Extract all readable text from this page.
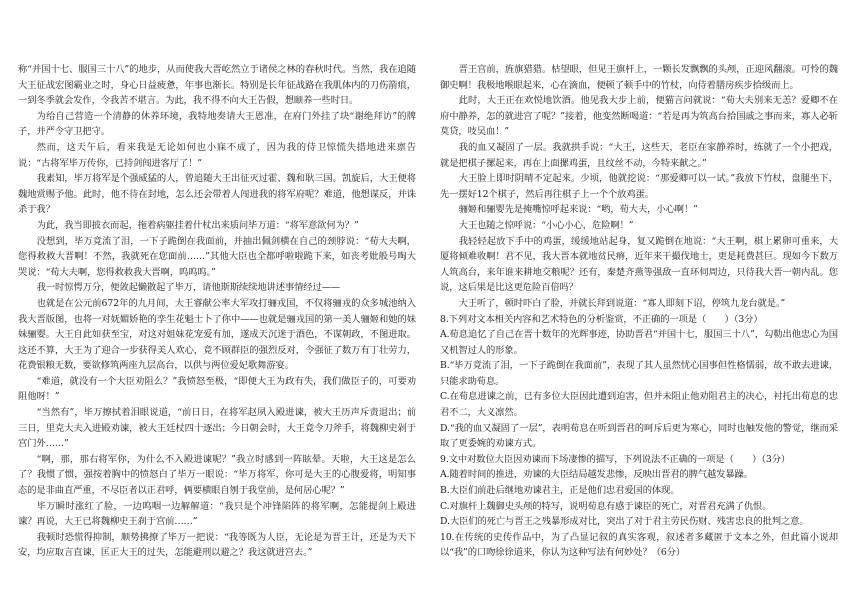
称“并国十七、服国三十八”的地步，从而使我大晋屹然立于诸侯之林的春秋时代。当然，我在追随大王征战宏图霸业之时，身心日益疲惫，年事也渐长。特别是长年征战路在我肌体内的刀伤箭痕，一到冬季就会发作，令我苦不堪言。为此，我不得不向大王告假，想颐养一些时日。

为给自己营造一个清静的休养环境，我特地奏请大王恩准，在府门外挂了块“谢绝拜访”的牌子，并严令守卫把守。

然而，这天午后，看来我是无论如何也小寐不成了，因为我的侍卫惊慌失措地进来禀告说：“古将军毕万传你，已持剑闯进客厅了！”

我素知，毕万将军是个强威猛的人，曾追随大王出征灭过霍、魏和耿三国。凯旋后，大王便将魏地赏赐予他。此时，他不待在封地，怎么还会带着人闯进我的将军府呢？难道，他想谋反，并诛杀于我？

为此，我当即披衣而起，拖着病躯挂着什杖出来质问毕万道：“将军意欲何为？”

没想到，毕万竟流了泪，一下子跪倒在我面前，并抽出佩剑横在自己的颈脖说：“荀大夫啊，您得救救大晋啊！不然，我就死在您面前……”其他大臣也全都呼啦啦跪下来，如丧考妣般号啕大哭说：“荀大夫啊，您得救救我大晋啊，呜呜呜。”

我一时惊愕万分，便敛起懒散起了毕万，请他斯斯续续地讲述事情经过——

也就是在公元前672年的九月间，大王睿献公率大军攻打骊戎国，不仅将骊戎的众多城池纳入我大晋版图，也将一对妩媚娇艳的孪生花魁士卜了你中——也就是骊戎国的第一美人骊姬和她的妹妹骊婴。大王自此如获至宝，对这对姐妹花宠爱有加，遂成天沉迷于酒色，不谋朝政，不图进取。这还不算，大王为了迎合一步获得美人欢心，竟不顾群臣的强烈反对，令强征了数万有丁壮劳力，花费银粮无数，要欲修筑两座九层高台，以供与两位爱妃歌舞游宴。

“难道，就没有一个大臣劝阻么？”我愤怒至极，“即便大王为政有失，我们做臣子的，可要劝阻他呀！”

“当然有”，毕万擦拭着泪眼说道，“前日日，在将军赵夙入殿进谏，被大王历声斥责退出；前三日，里克大夫入进殿劝谏，被大王廷杖四十逐出；今日朝会时，大王竟令刀斧手，将魏柳史剁于宫门外……”

“啊，那，那右将军你，为什么不入殿进谏呢？”我立时感到一阵眩晕。天啦，大王这是怎么了？我惯了惯，强按着胸中的愤怒白了毕万一眼说：“毕万将军，你可是大王的心腹爱将，明知事态的是非曲直严重，不尽臣者以正君呼，俩要横眼自刎于我堂前，是何居心呢？”

毕万瞬时涨红了脸，一边呜咽一边解解道：“我只是个冲锋陷阵的将军啊，怎能提剑上殿进谏？再说，大王已将魏柳史王刹于宫前……”

我顿时恐慌得抑制，顺势拂撩了毕万一把说：“我等既为人臣，无论是为晋王计，还是为天下安，均应取言直谏，匡正大王的过失，怎能避刑以避之？我这就进宫去。”

晋王宫前，旌旗猎猎。枯望眼，但见王旗杆上，一颗长发飘飘的头颅，正迎风翻滚。可怜的魏御史啊！我极地喉眼起来，心在滴血，便顿了顿手中的竹杖，向侍着膳房疾步拾级而上。

此时，大王正在欢悦地饮酒。他见我大步上前，便猫言问就说：“荀大夫别来无恙？爱卿不在府中静养，怎的就进宫了呢？”接着，他变然断喝道：“若是再为筑高台拾国戚之事而来，寡人必斩莫贷，吱吴血！”

我的血又凝固了一层。我就拱手说：“大王，这些天，老臣在家静养时，练就了一个小把戏，就是把棋子摞起来，再在上面摞鸡蛋，且纹丝不动，今特来献之。”

大王脸上即时阴晴不定起来。少顷，他就挖说：“那爱卿可以一试。”我放下竹杖，盘腿坐下，先一摆好12个棋子，然后再往棋子上一个个放鸡蛋。

骊姬和骊婴先是掩嘴惊呼起来说：“哟，荀大夫，小心啊！”

大王也随之惊呼说：“小心小心，危险啊！”

我轻轻起放下手中的鸡蛋，缓缓地站起身，复又跪倒在地说：“大王啊，棋上累卵可重来，大厦将倾难收啊！君不见，我大晋本就地贫民瘠，近年来干撮伐地士，更是耗费甚巨。现如今下数万人筑高台，来年谁来耕地交粮呢？还有，秦楚齐燕等强敌一直环伺周边，只待我大晋一朝内乱。您说，这后果是比这更危险百倍吗？

大王听了，顿时吓白了脸，并就长拜到说道：“寡人即刻下诏，停筑九龙台就是。”

8.下列对文本相关内容和艺术特色的分析鉴赏，不正确的一项是（　　）（3分）

A.荀息追忆了自己在晋十数年的光辉事迹，协助晋君“并国十七，服国三十八”，勾勒出他忠心为国又机智过人的形象。

B.“毕万竟流了泪，一下子跪倒在我面前”，表现了其人虽然忧心国事但性格懦弱，故不敢去进谏，只能求助荀息。

C.在荀息进谏之前，已有多位大臣因此遭到迫害，但并未阻止他劝阻君主的决心，衬托出荀息的忠君不二，大义凛然。

D.“我的血又凝固了一层”，表明荀息在听到晋君的呵斥后更为寒心，同时也触发他的警觉，继而采取了更委婉的劝谏方式。

9.文中对数位大臣因劝谏而下场凄惨的描写，下列说法不正确的一项是（　　）（3分）

A.随着时间的推进，劝谏的大臣结局越发悲惨，反映出晋君的脾气越发暴躁。

B.大臣们前赴后继地劝谏君主，正是他们忠君爱国的体现。

C.对旗杆上魏御史头颅的特写，说明荀息有感于谏臣的死亡，对晋君充满了仇恨。

D.大臣们的死亡与晋王之残暴形成对比，突出了对于君主劳民伤财、残害忠良的批判之意。

10.在传统的史传作品中，为了凸显记叙的真实客观，叙述者多藏匿于文本之外，但此篇小说却以“我”的口吻徐徐道来，你认为这种写法有何妙处？（6分）
